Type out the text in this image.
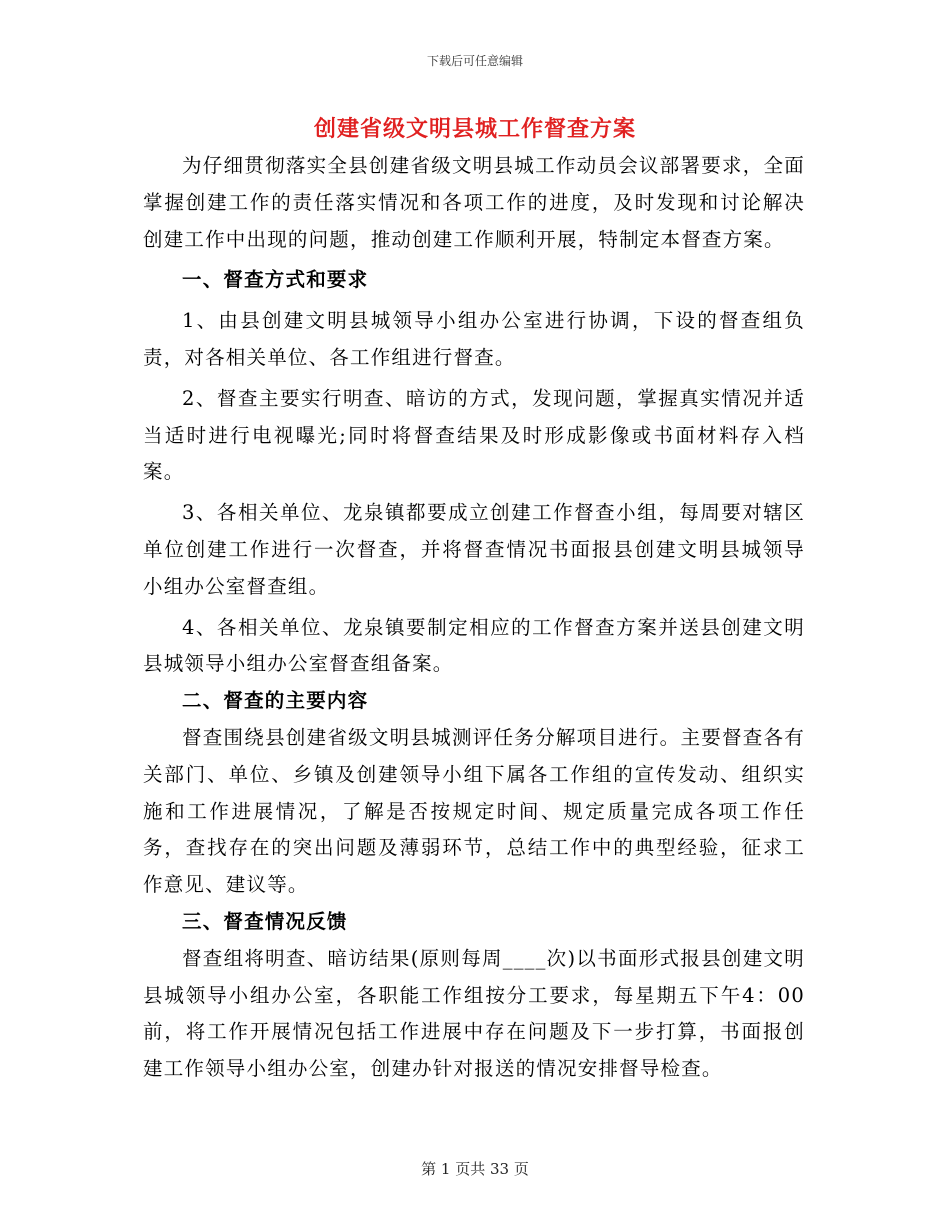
下载后可任意编辑
创建省级文明县城工作督查方案

为仔细贯彻落实全县创建省级文明县城工作动员会议部署要求，全面掌握创建工作的责任落实情况和各项工作的进度，及时发现和讨论解决创建工作中出现的问题，推动创建工作顺利开展，特制定本督查方案。

一、督查方式和要求

1、由县创建文明县城领导小组办公室进行协调，下设的督查组负责，对各相关单位、各工作组进行督查。

2、督查主要实行明查、暗访的方式，发现问题，掌握真实情况并适当适时进行电视曝光;同时将督查结果及时形成影像或书面材料存入档案。

3、各相关单位、龙泉镇都要成立创建工作督查小组，每周要对辖区单位创建工作进行一次督查，并将督查情况书面报县创建文明县城领导小组办公室督查组。

4、各相关单位、龙泉镇要制定相应的工作督查方案并送县创建文明县城领导小组办公室督查组备案。

二、督查的主要内容

督查围绕县创建省级文明县城测评任务分解项目进行。主要督查各有关部门、单位、乡镇及创建领导小组下属各工作组的宣传发动、组织实施和工作进展情况，了解是否按规定时间、规定质量完成各项工作任务，查找存在的突出问题及薄弱环节，总结工作中的典型经验，征求工作意见、建议等。

三、督查情况反馈

督查组将明查、暗访结果(原则每周____次)以书面形式报县创建文明县城领导小组办公室，各职能工作组按分工要求，每星期五下午4：00前，将工作开展情况包括工作进展中存在问题及下一步打算，书面报创建工作领导小组办公室，创建办针对报送的情况安排督导检查。

第 1 页共 33 页
